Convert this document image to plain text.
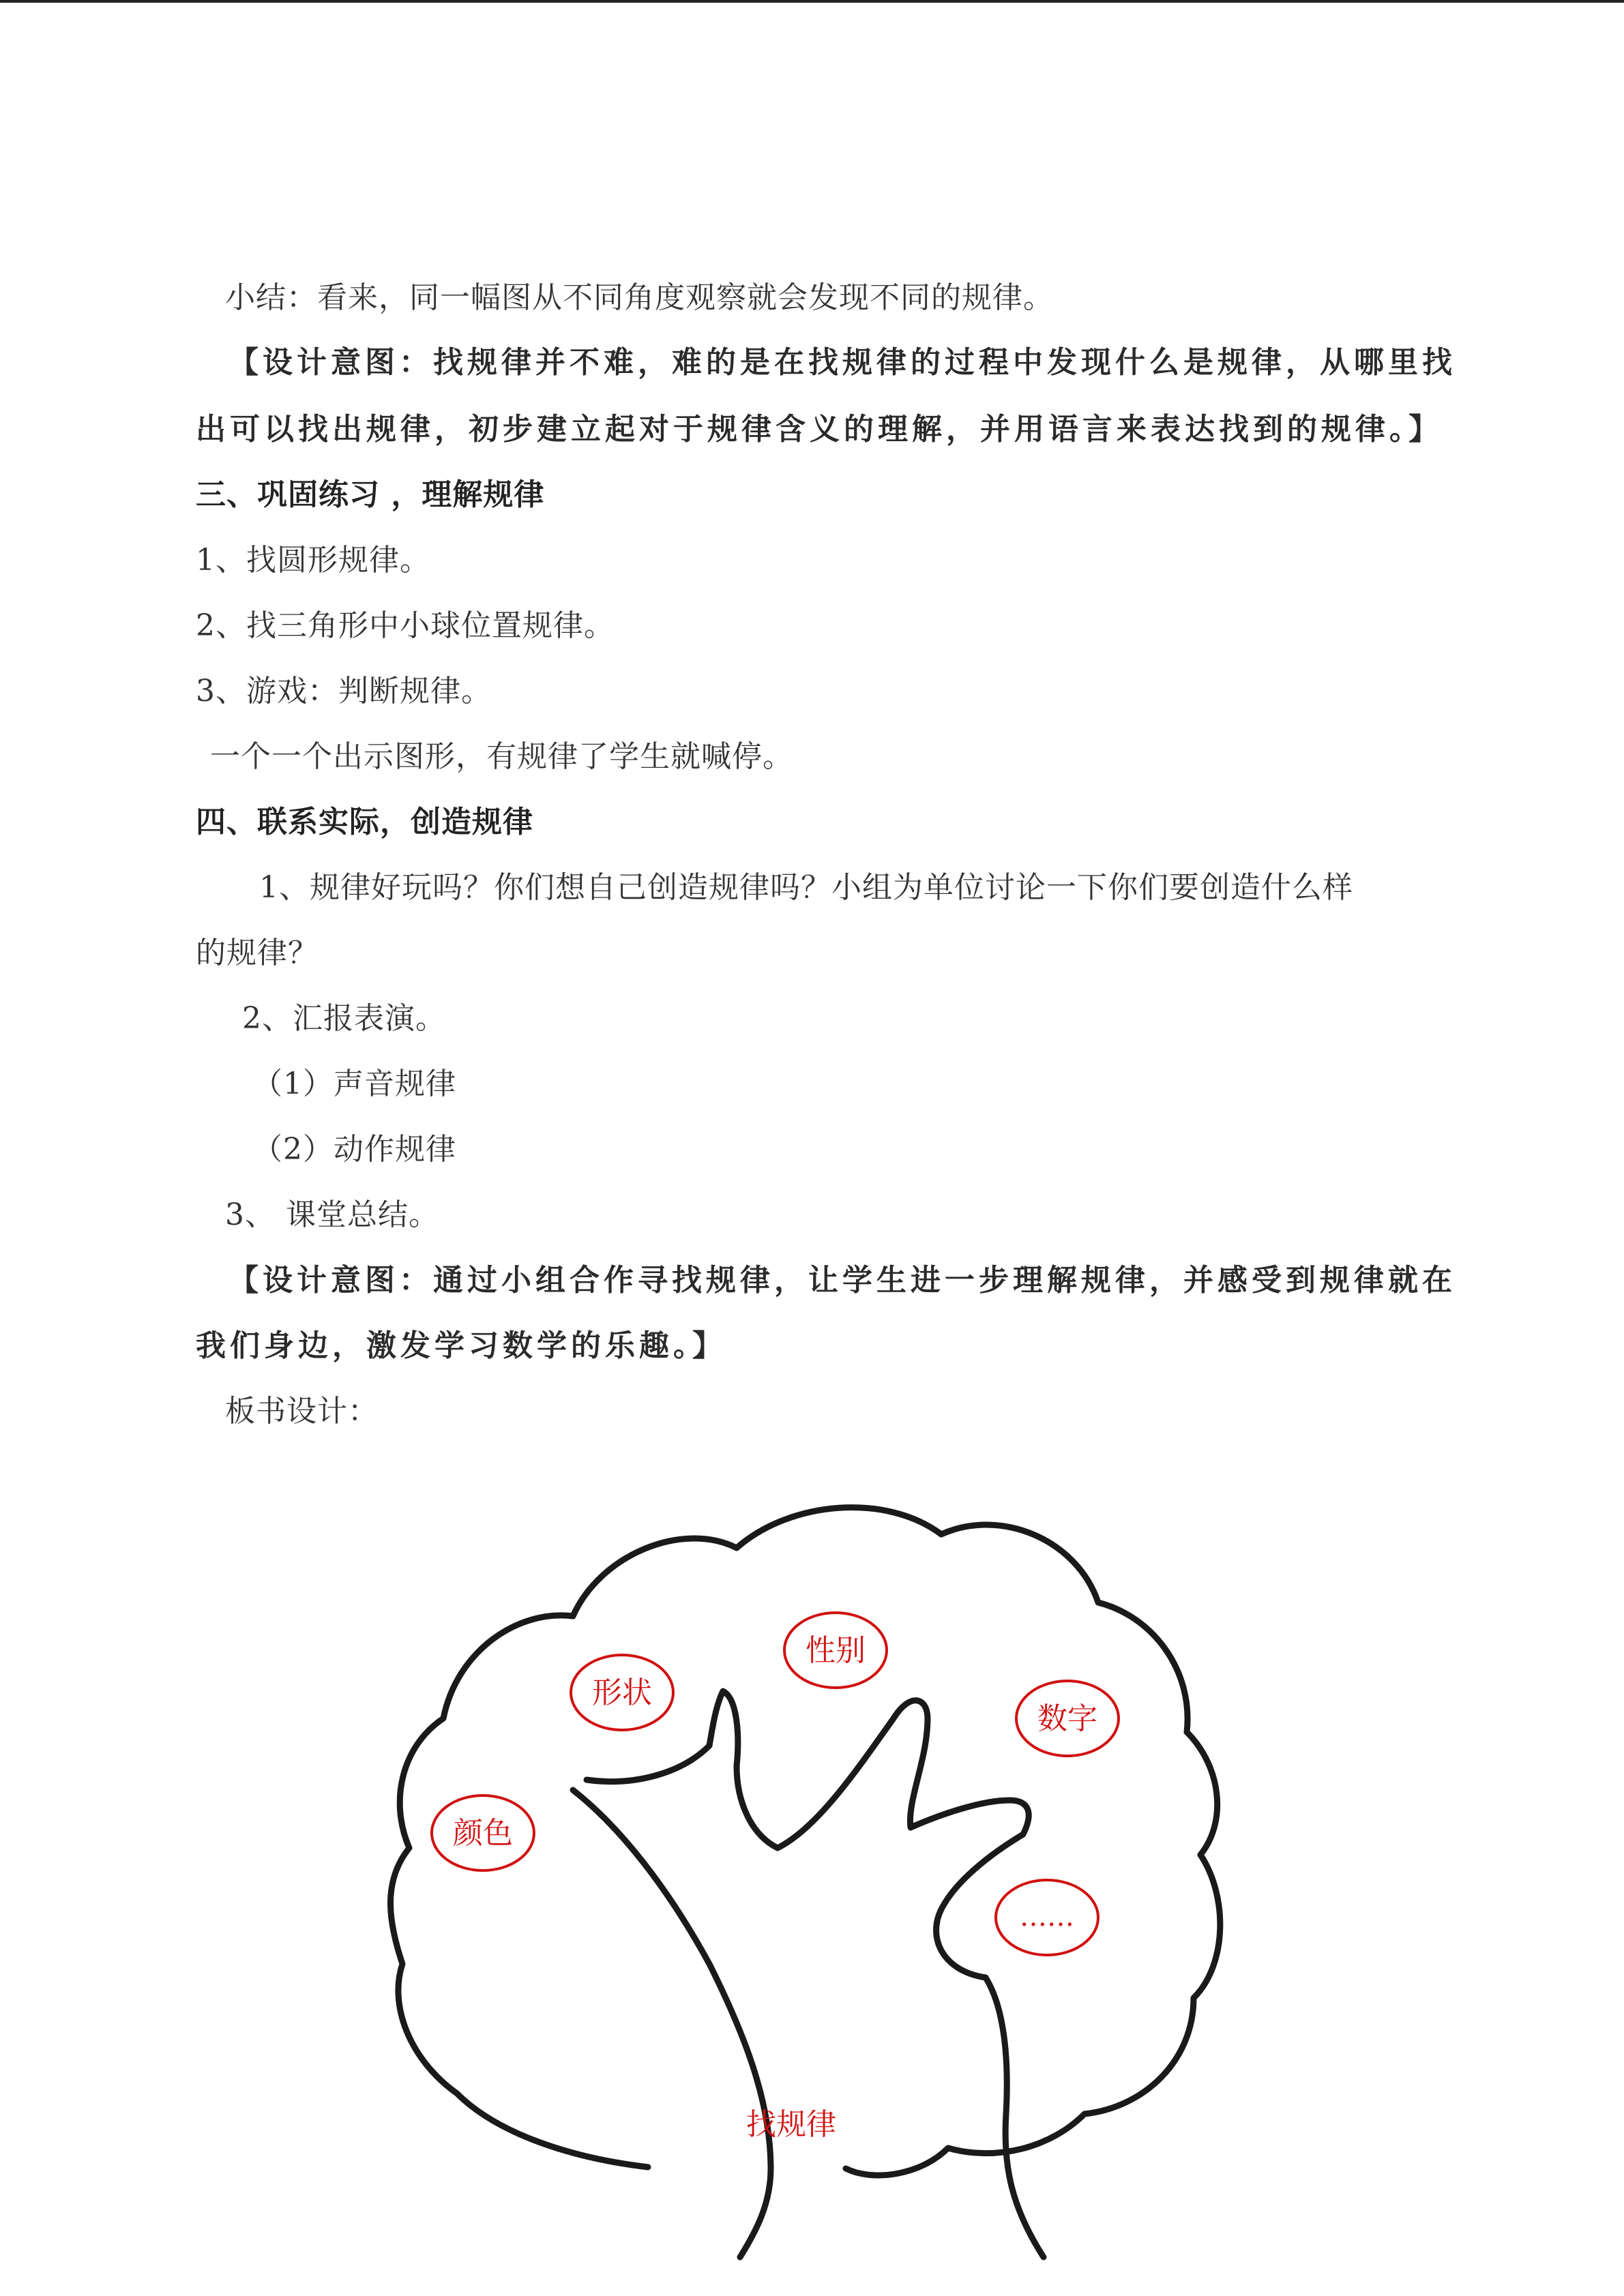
小结：看来，同一幅图从不同角度观察就会发现不同的规律。
【设计意图：找规律并不难，难的是在找规律的过程中发现什么是规律，从哪里找
出可以找出规律，初步建立起对于规律含义的理解，并用语言来表达找到的规律。】
三、巩固练习 ，理解规律
1、找圆形规律。
2、找三角形中小球位置规律。
3、游戏：判断规律。
一个一个出示图形，有规律了学生就喊停。
四、联系实际，创造规律
1、规律好玩吗？你们想自己创造规律吗？小组为单位讨论一下你们要创造什么样
的规律？
2、汇报表演。
（1）声音规律
（2）动作规律
3、 课堂总结。
【设计意图：通过小组合作寻找规律，让学生进一步理解规律，并感受到规律就在
我们身边，激发学习数学的乐趣。】
板书设计：
形状
性别
数字
颜色
……
找规律
